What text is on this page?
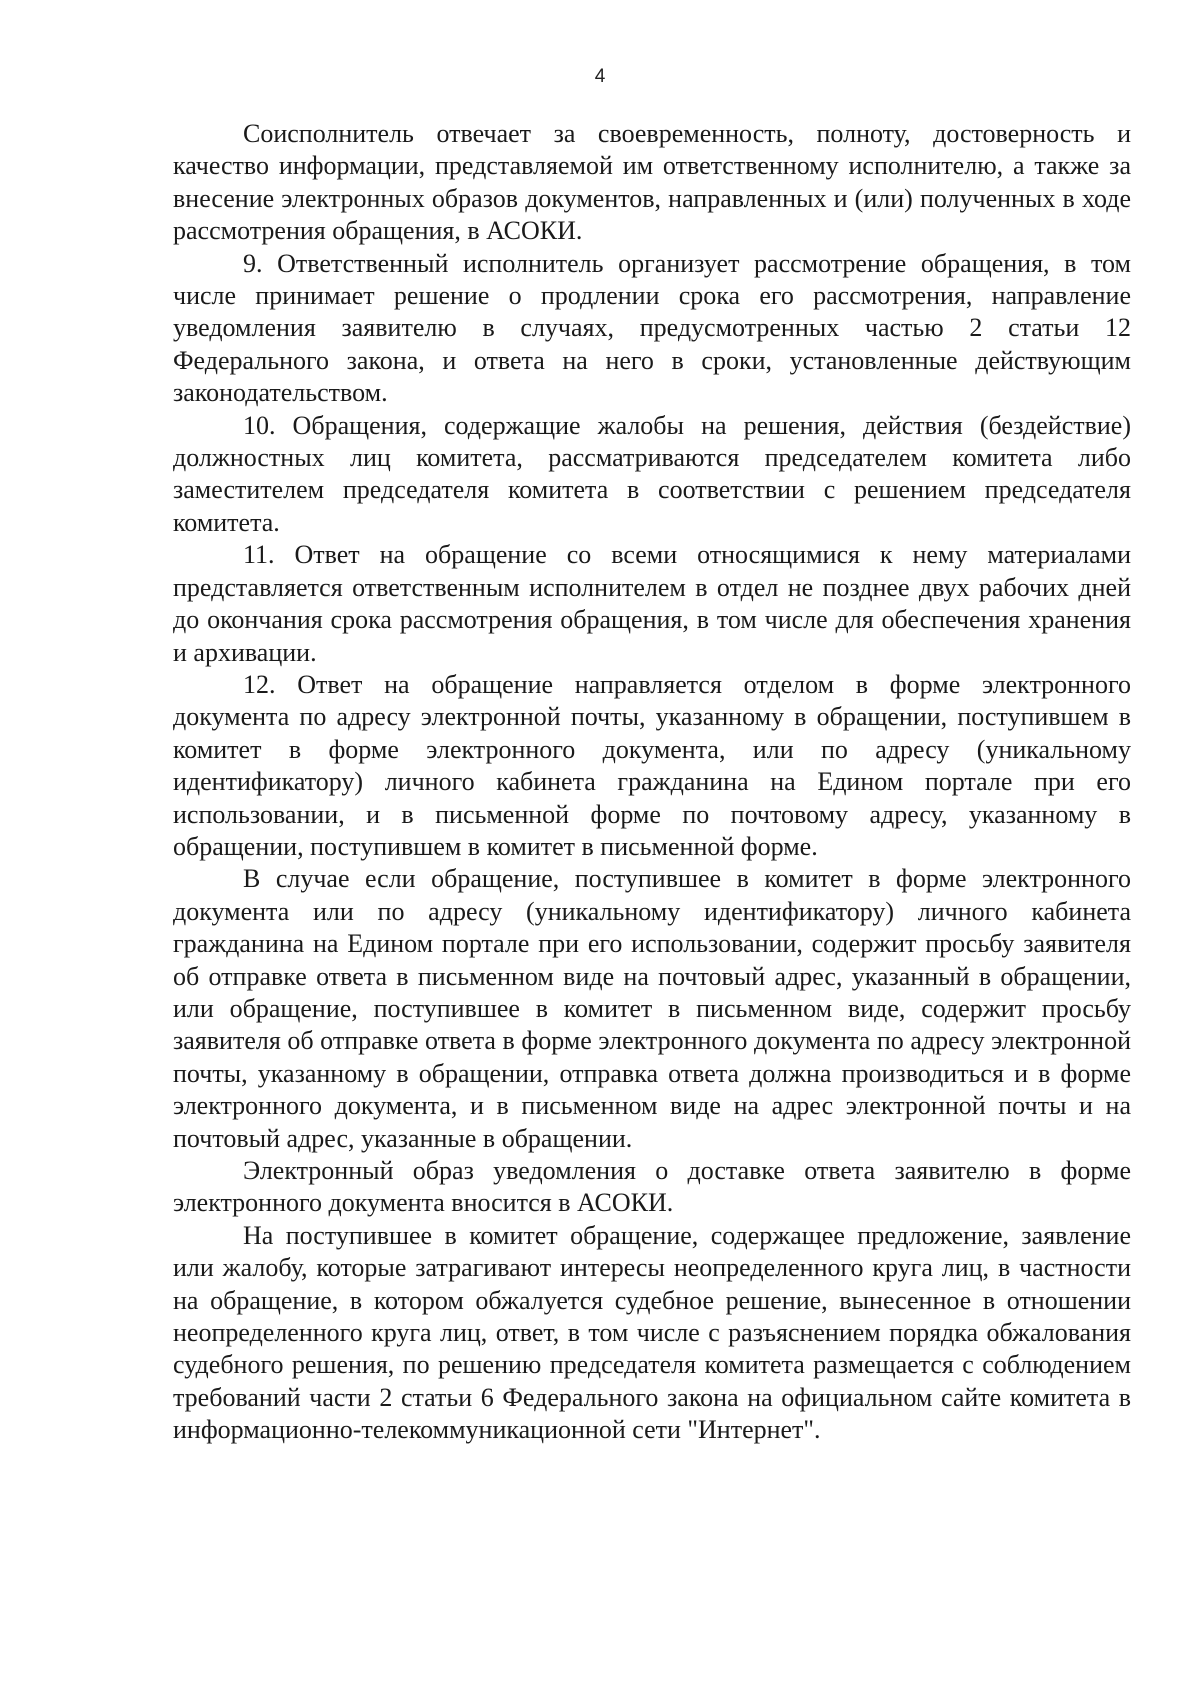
4

Соисполнитель отвечает за своевременность, полноту, достоверность и качество информации, представляемой им ответственному исполнителю, а также за внесение электронных образов документов, направленных и (или) полученных в ходе рассмотрения обращения, в АСОКИ.

9. Ответственный исполнитель организует рассмотрение обращения, в том числе принимает решение о продлении срока его рассмотрения, направление уведомления заявителю в случаях, предусмотренных частью 2 статьи 12 Федерального закона, и ответа на него в сроки, установленные действующим законодательством.

10. Обращения, содержащие жалобы на решения, действия (бездействие) должностных лиц комитета, рассматриваются председателем комитета либо заместителем председателя комитета в соответствии с решением председателя комитета.

11. Ответ на обращение со всеми относящимися к нему материалами представляется ответственным исполнителем в отдел не позднее двух рабочих дней до окончания срока рассмотрения обращения, в том числе для обеспечения хранения и архивации.

12. Ответ на обращение направляется отделом в форме электронного документа по адресу электронной почты, указанному в обращении, поступившем в комитет в форме электронного документа, или по адресу (уникальному идентификатору) личного кабинета гражданина на Едином портале при его использовании, и в письменной форме по почтовому адресу, указанному в обращении, поступившем в комитет в письменной форме.

В случае если обращение, поступившее в комитет в форме электронного документа или по адресу (уникальному идентификатору) личного кабинета гражданина на Едином портале при его использовании, содержит просьбу заявителя об отправке ответа в письменном виде на почтовый адрес, указанный в обращении, или обращение, поступившее в комитет в письменном виде, содержит просьбу заявителя об отправке ответа в форме электронного документа по адресу электронной почты, указанному в обращении, отправка ответа должна производиться и в форме электронного документа, и в письменном виде на адрес электронной почты и на почтовый адрес, указанные в обращении.

Электронный образ уведомления о доставке ответа заявителю в форме электронного документа вносится в АСОКИ.

На поступившее в комитет обращение, содержащее предложение, заявление или жалобу, которые затрагивают интересы неопределенного круга лиц, в частности на обращение, в котором обжалуется судебное решение, вынесенное в отношении неопределенного круга лиц, ответ, в том числе с разъяснением порядка обжалования судебного решения, по решению председателя комитета размещается с соблюдением требований части 2 статьи 6 Федерального закона на официальном сайте комитета в информационно-телекоммуникационной сети "Интернет".
